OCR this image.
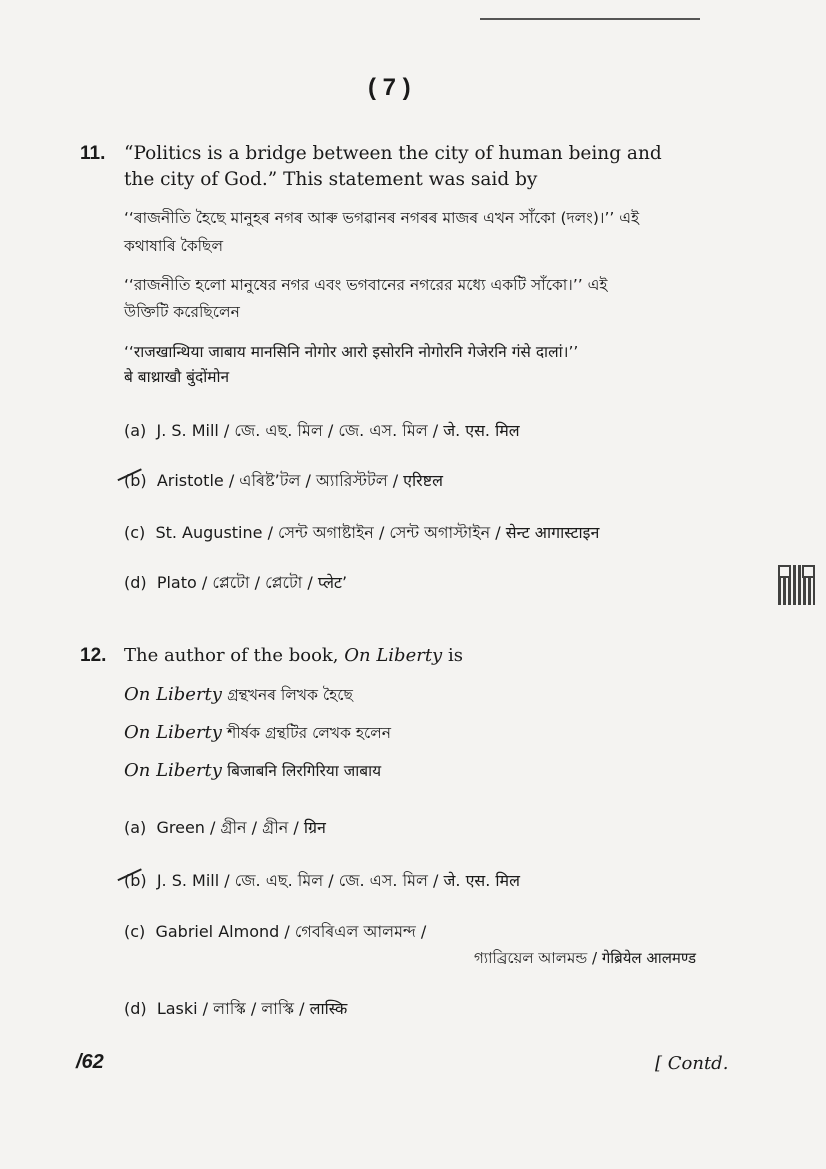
( 7 )
11. “Politics is a bridge between the city of human being and
the city of God.” This statement was said by
‘‘ৰাজনীতি হৈছে মানুহৰ নগৰ আৰু ভগৱানৰ নগৰৰ মাজৰ এখন সাঁকো (দলং)।’’ এই
কথাষাৰি কৈছিল
‘‘রাজনীতি হলো মানুষের নগর এবং ভগবানের নগরের মধ্যে একটি সাঁকো।’’ এই
উক্তিটি করেছিলেন
‘‘राजखान्थिया जाबाय मानसिनि नोगोर आरो इसोरनि नोगोरनि गेजेरनि गंसे दालां।’’
बे बाथ्राखौ बुंदोंमोन
(a) J. S. Mill / জে. এছ. মিল / জে. এস. মিল / जे. एस. मिल
(b) Aristotle / এৰিষ্ট’টল / অ্যারিস্টটল / एरिष्टल
(c) St. Augustine / সেন্ট অগাষ্টাইন / সেন্ট অগাস্টাইন / सेन्ट आगास्टाइन
(d) Plato / প্লেটো / প্লেটো / प्लेट’
12. The author of the book, On Liberty is
On Liberty গ্ৰন্থখনৰ লিখক হৈছে
On Liberty শীর্ষক গ্রন্থটির লেখক হলেন
On Liberty बिजाबनि लिरगिरिया जाबाय
(a) Green / গ্ৰীন / গ্রীন / ग्रिन
(b) J. S. Mill / জে. এছ. মিল / জে. এস. মিল / जे. एस. मिल
(c) Gabriel Almond / গেবৰিএল আলমন্দ /
গ্যাব্রিয়েল আলমন্ড / गेब्रियेल आलमण्ड
(d) Laski / লাস্কি / লাস্কি / लास्कि
/62	[ Contd.
